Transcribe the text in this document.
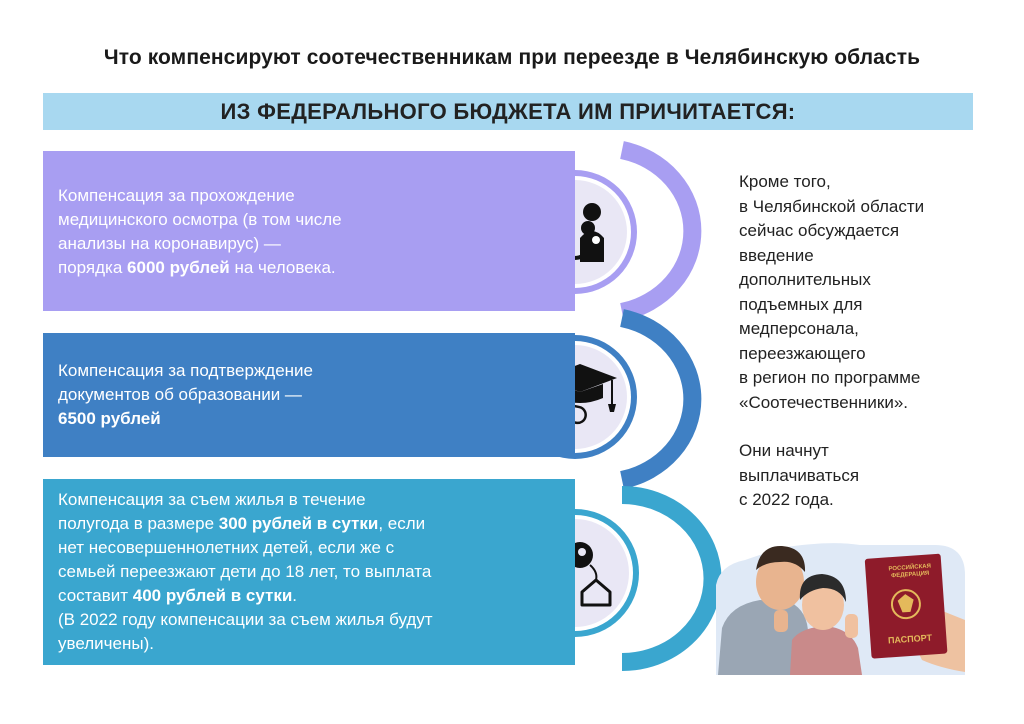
Что компенсируют соотечественникам при переезде в Челябинскую область
ИЗ ФЕДЕРАЛЬНОГО БЮДЖЕТА ИМ ПРИЧИТАЕТСЯ:
РОССИЙСКАЯ
ФЕДЕРАЦИЯ
ПАСПОРТ
Компенсация за прохождение
медицинского осмотра (в том числе
анализы на коронавирус) —
порядка 6000 рублей на человека.
Компенсация за подтверждение
документов об образовании —
6500 рублей
Компенсация за съем жилья в течение
полугода в размере 300 рублей в сутки, если
нет несовершеннолетних детей, если же с
семьей переезжают дети до 18 лет, то выплата
составит 400 рублей в сутки.
(В 2022 году компенсации за съем жилья будут
увеличены).

Кроме того,
в Челябинской области
сейчас обсуждается
введение
дополнительных
подъемных для
медперсонала,
переезжающего
в регион по программе
«Соотечественники».

Они начнут
выплачиваться
с 2022 года.
